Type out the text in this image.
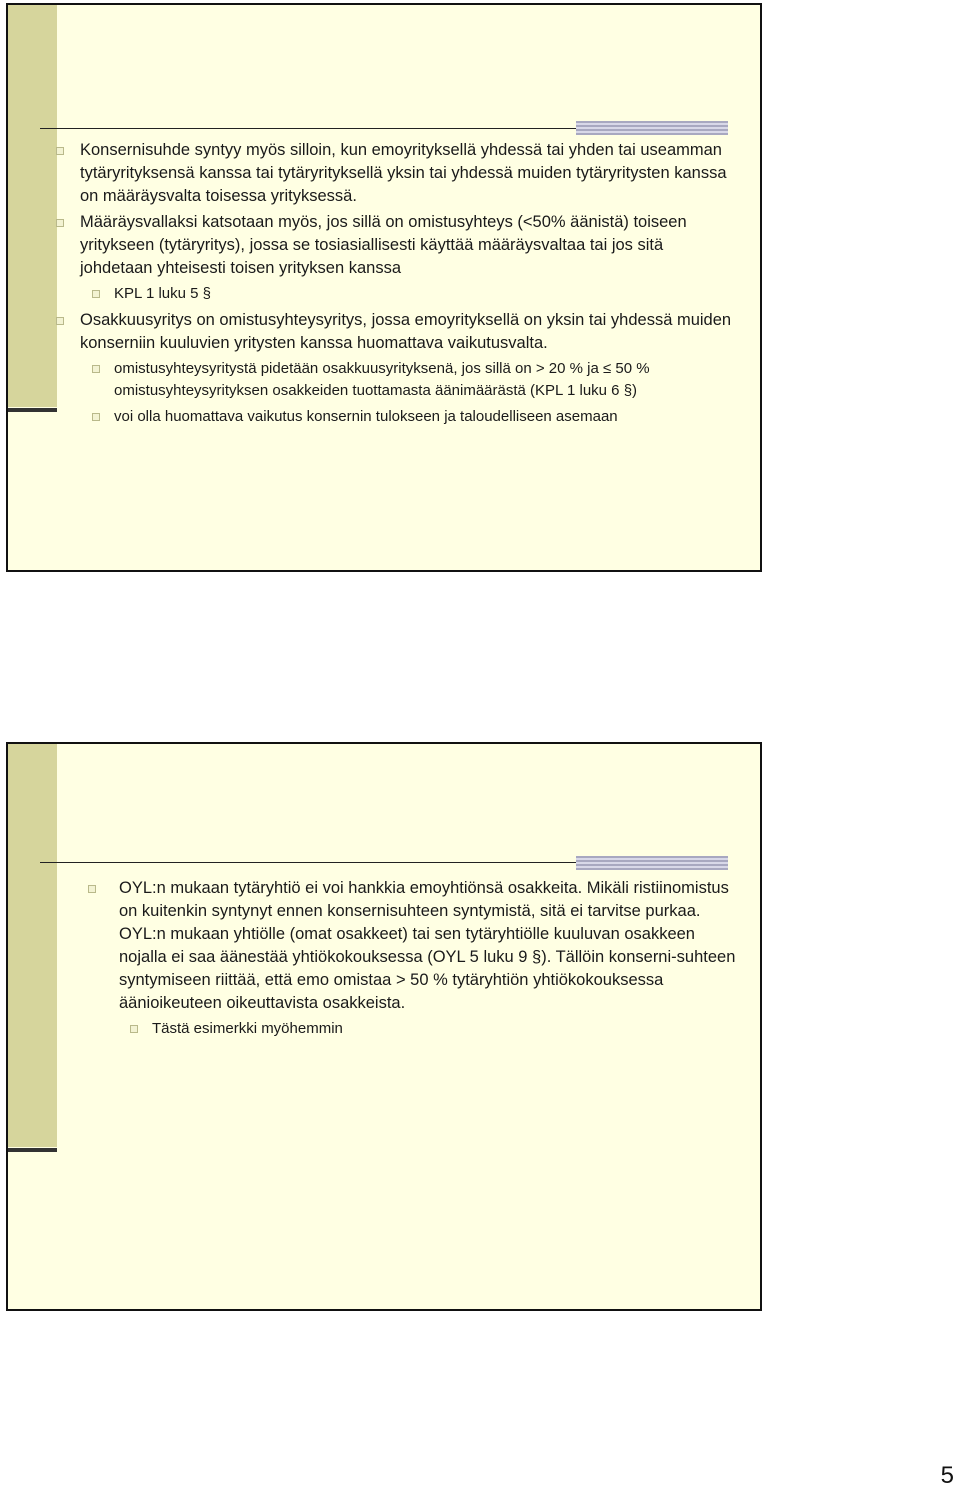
Konsernisuhde syntyy myös silloin, kun emoyrityksellä yhdessä tai yhden tai useamman tytäryrityksensä kanssa tai tytäryrityksellä yksin tai yhdessä muiden tytäryritysten kanssa on määräysvalta toisessa yrityksessä.

Määräysvallaksi katsotaan myös, jos sillä on omistusyhteys (<50% äänistä) toiseen yritykseen (tytäryritys), jossa se tosiasiallisesti käyttää määräysvaltaa tai jos sitä johdetaan yhteisesti toisen yrityksen kanssa

KPL 1 luku 5 §

Osakkuusyritys on omistusyhteysyritys, jossa emoyrityksellä on yksin tai yhdessä muiden konserniin kuuluvien yritysten kanssa huomattava vaikutusvalta.

omistusyhteysyritystä pidetään osakkuusyrityksenä, jos sillä on > 20 % ja ≤ 50 % omistusyhteysyrityksen osakkeiden tuottamasta äänimäärästä (KPL 1 luku 6 §)

voi olla huomattava vaikutus konsernin tulokseen ja taloudelliseen asemaan

OYL:n mukaan tytäryhtiö ei voi hankkia emoyhtiönsä osakkeita. Mikäli ristiinomistus on kuitenkin syntynyt ennen konsernisuhteen syntymistä, sitä ei tarvitse purkaa. OYL:n mukaan yhtiölle (omat osakkeet) tai sen tytäryhtiölle kuuluvan osakkeen nojalla ei saa äänestää yhtiökokouksessa (OYL 5 luku 9 §). Tällöin konserni-suhteen syntymiseen riittää, että emo omistaa > 50 % tytäryhtiön yhtiökokouksessa äänioikeuteen oikeuttavista osakkeista.

Tästä esimerkki myöhemmin

5
